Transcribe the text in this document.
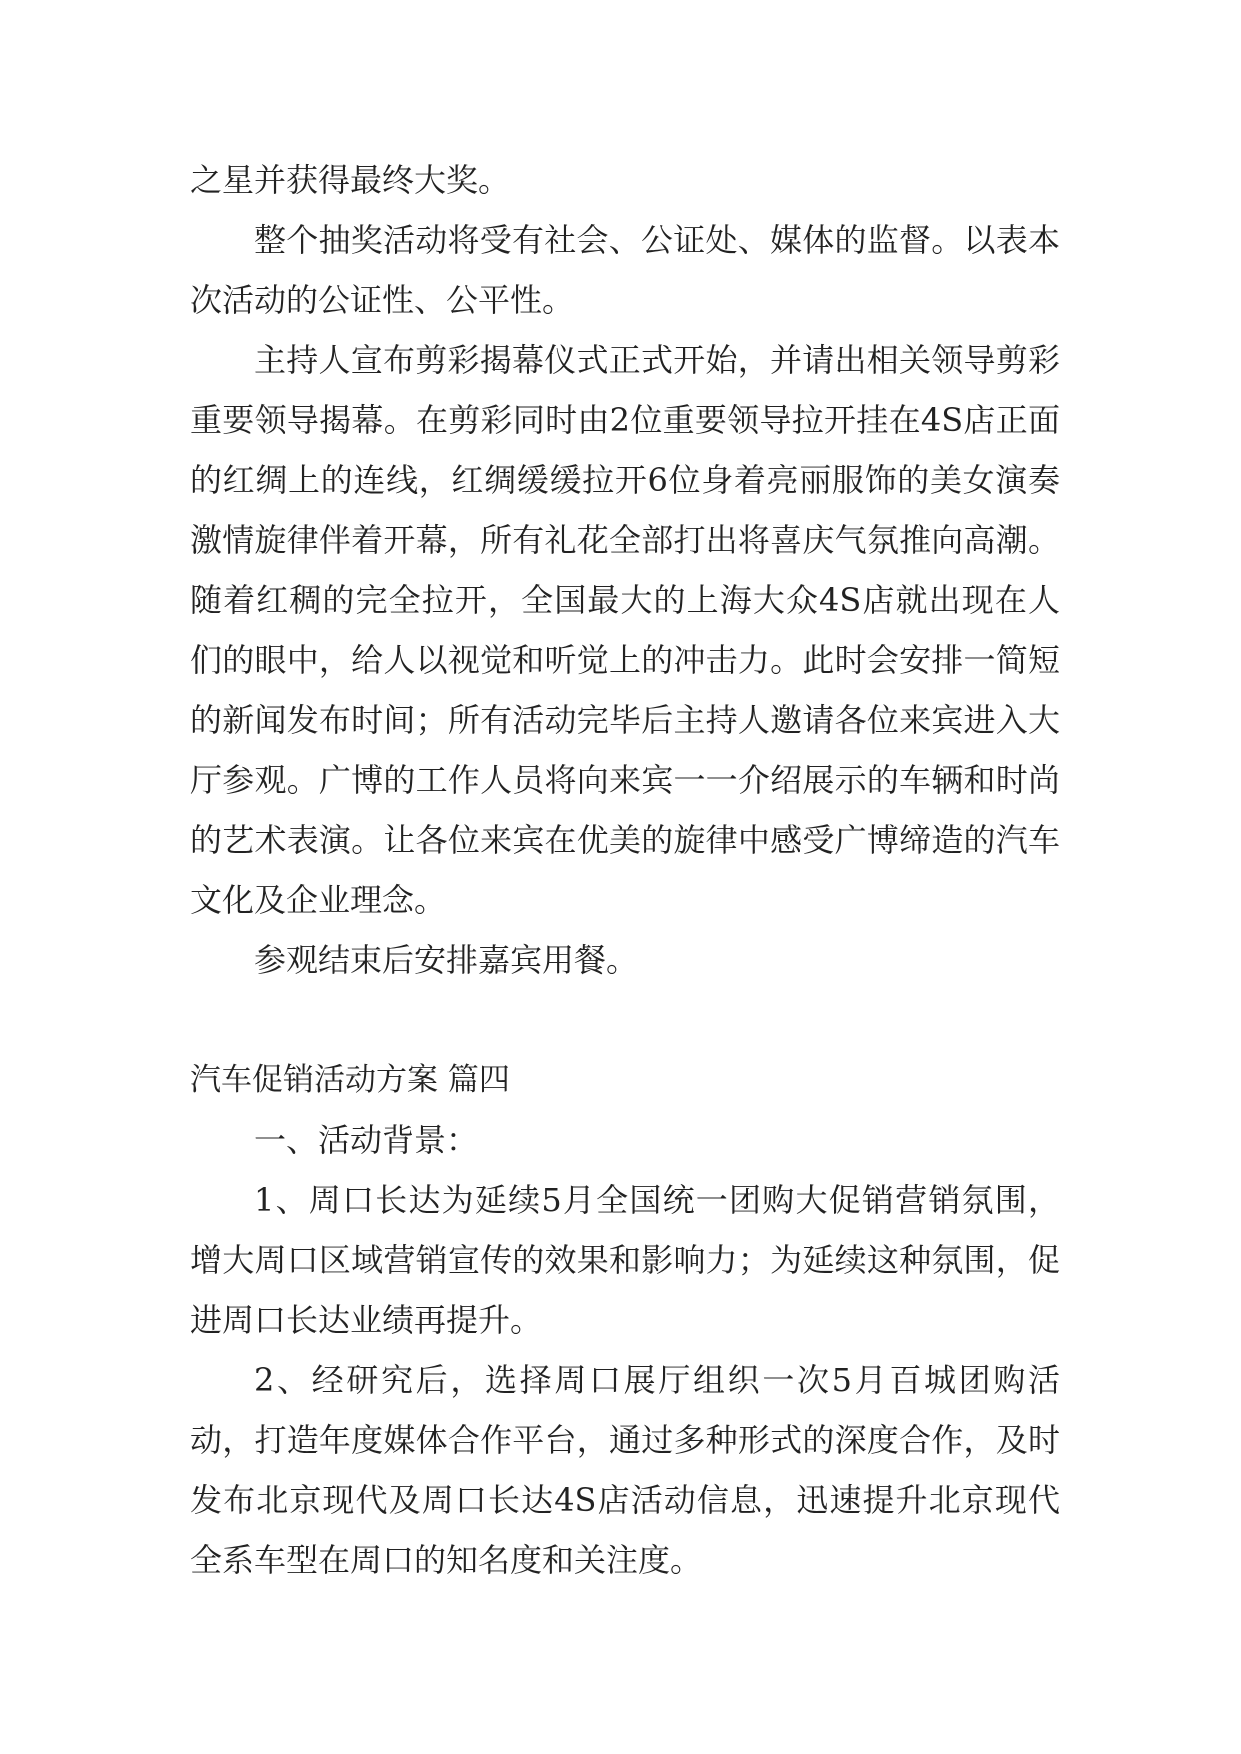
之星并获得最终大奖。

整个抽奖活动将受有社会、公证处、媒体的监督。以表本次活动的公证性、公平性。

主持人宣布剪彩揭幕仪式正式开始，并请出相关领导剪彩重要领导揭幕。在剪彩同时由2位重要领导拉开挂在4S店正面的红绸上的连线，红绸缓缓拉开6位身着亮丽服饰的美女演奏激情旋律伴着开幕，所有礼花全部打出将喜庆气氛推向高潮。随着红稠的完全拉开，全国最大的上海大众4S店就出现在人们的眼中，给人以视觉和听觉上的冲击力。此时会安排一简短的新闻发布时间；所有活动完毕后主持人邀请各位来宾进入大厅参观。广博的工作人员将向来宾一一介绍展示的车辆和时尚的艺术表演。让各位来宾在优美的旋律中感受广博缔造的汽车文化及企业理念。

参观结束后安排嘉宾用餐。

汽车促销活动方案 篇四

一、活动背景：

1、周口长达为延续5月全国统一团购大促销营销氛围，增大周口区域营销宣传的效果和影响力；为延续这种氛围，促进周口长达业绩再提升。

2、经研究后，选择周口展厅组织一次5月百城团购活动，打造年度媒体合作平台，通过多种形式的深度合作，及时发布北京现代及周口长达4S店活动信息，迅速提升北京现代全系车型在周口的知名度和关注度。
